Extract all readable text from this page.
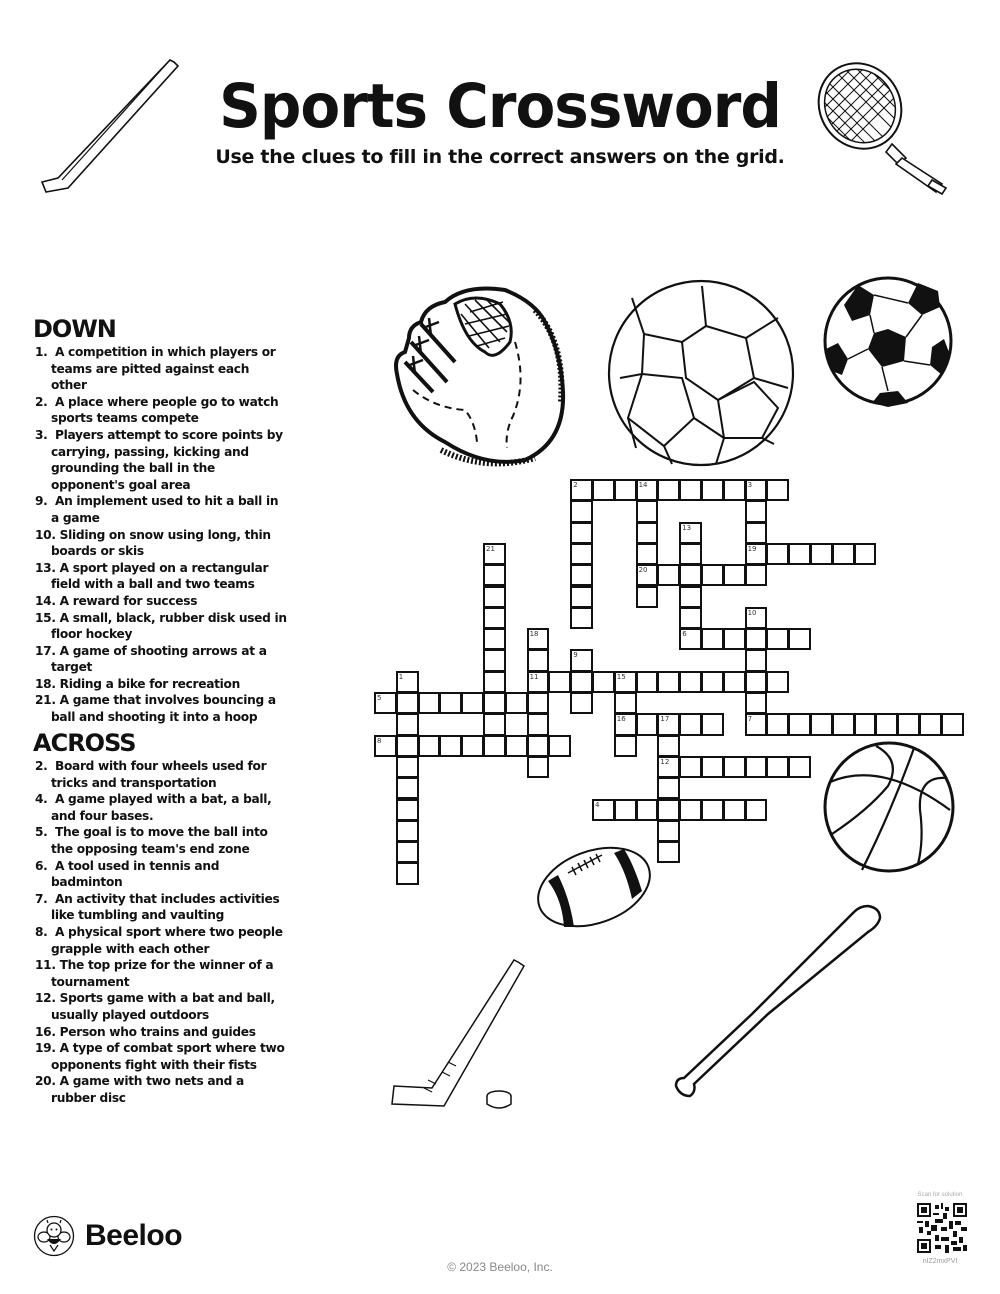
Sports Crossword
Use the clues to fill in the correct answers on the grid.
DOWN
1. A competition in which players or teams are pitted against each other
2. A place where people go to watch sports teams compete
3. Players attempt to score points by carrying, passing, kicking and grounding the ball in the opponent's goal area
9. An implement used to hit a ball in a game
10. Sliding on snow using long, thin boards or skis
13. A sport played on a rectangular field with a ball and two teams
14. A reward for success
15. A small, black, rubber disk used in floor hockey
17. A game of shooting arrows at a target
18. Riding a bike for recreation
21. A game that involves bouncing a ball and shooting it into a hoop
ACROSS
2. Board with four wheels used for tricks and transportation
4. A game played with a bat, a ball, and four bases.
5. The goal is to move the ball into the opposing team's end zone
6. A tool used in tennis and badminton
7. An activity that includes activities like tumbling and vaulting
8. A physical sport where two people grapple with each other
11. The top prize for the winner of a tournament
12. Sports game with a bat and ball, usually played outdoors
16. Person who trains and guides
19. A type of combat sport where two opponents fight with their fists
20. A game with two nets and a rubber disc
2	14	3
20
19
13
6
21
10
7
18
11
9
1	15
16
5
17
12
8
4
Beeloo
© 2023 Beeloo, Inc.
Scan for solution
nIZ2mxPVI
